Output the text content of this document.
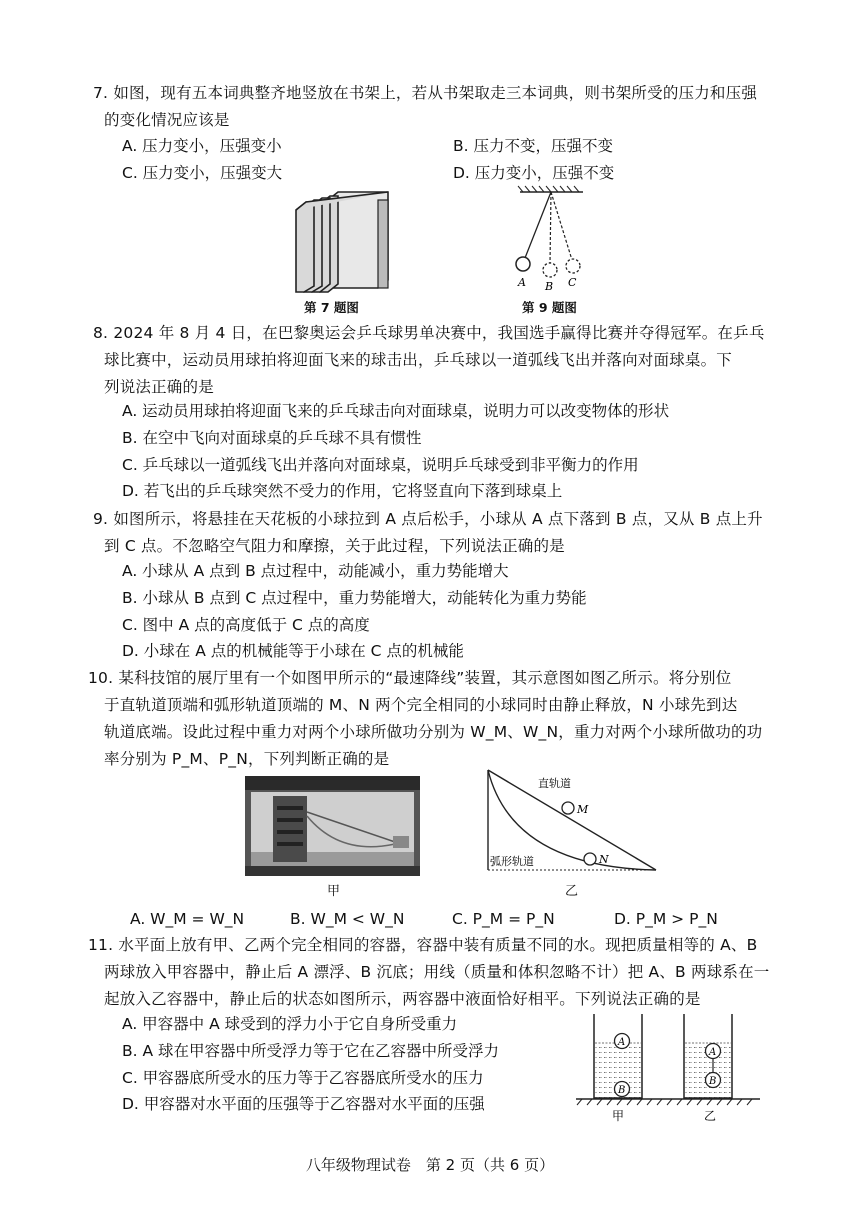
7. 如图，现有五本词典整齐地竖放在书架上，若从书架取走三本词典，则书架所受的压力和压强
的变化情况应该是
A. 压力变小，压强变小	B. 压力不变，压强不变
C. 压力变小，压强变大	D. 压力变小，压强不变
第 7 题图
A B C
第 9 题图
8. 2024 年 8 月 4 日，在巴黎奥运会乒乓球男单决赛中，我国选手赢得比赛并夺得冠军。在乒乓
球比赛中，运动员用球拍将迎面飞来的球击出，乒乓球以一道弧线飞出并落向对面球桌。下
列说法正确的是
A. 运动员用球拍将迎面飞来的乒乓球击向对面球桌，说明力可以改变物体的形状
B. 在空中飞向对面球桌的乒乓球不具有惯性
C. 乒乓球以一道弧线飞出并落向对面球桌，说明乒乓球受到非平衡力的作用
D. 若飞出的乒乓球突然不受力的作用，它将竖直向下落到球桌上
9. 如图所示，将悬挂在天花板的小球拉到 A 点后松手，小球从 A 点下落到 B 点，又从 B 点上升
到 C 点。不忽略空气阻力和摩擦，关于此过程，下列说法正确的是
A. 小球从 A 点到 B 点过程中，动能减小，重力势能增大
B. 小球从 B 点到 C 点过程中，重力势能增大，动能转化为重力势能
C. 图中 A 点的高度低于 C 点的高度
D. 小球在 A 点的机械能等于小球在 C 点的机械能
10. 某科技馆的展厅里有一个如图甲所示的“最速降线”装置，其示意图如图乙所示。将分别位
于直轨道顶端和弧形轨道顶端的 M、N 两个完全相同的小球同时由静止释放，N 小球先到达
轨道底端。设此过程中重力对两个小球所做功分别为 W_M、W_N，重力对两个小球所做功的功
率分别为 P_M、P_N，下列判断正确的是
甲
直轨道
弧形轨道
M
N
乙
A. W_M = W_N	B. W_M < W_N	C. P_M = P_N	D. P_M > P_N
11. 水平面上放有甲、乙两个完全相同的容器，容器中装有质量不同的水。现把质量相等的 A、B
两球放入甲容器中，静止后 A 漂浮、B 沉底；用线（质量和体积忽略不计）把 A、B 两球系在一
起放入乙容器中，静止后的状态如图所示，两容器中液面恰好相平。下列说法正确的是
A. 甲容器中 A 球受到的浮力小于它自身所受重力
B. A 球在甲容器中所受浮力等于它在乙容器中所受浮力
C. 甲容器底所受水的压力等于乙容器底所受水的压力
D. 甲容器对水平面的压强等于乙容器对水平面的压强
A
B
A
B
甲	乙
八年级物理试卷　第 2 页（共 6 页）
